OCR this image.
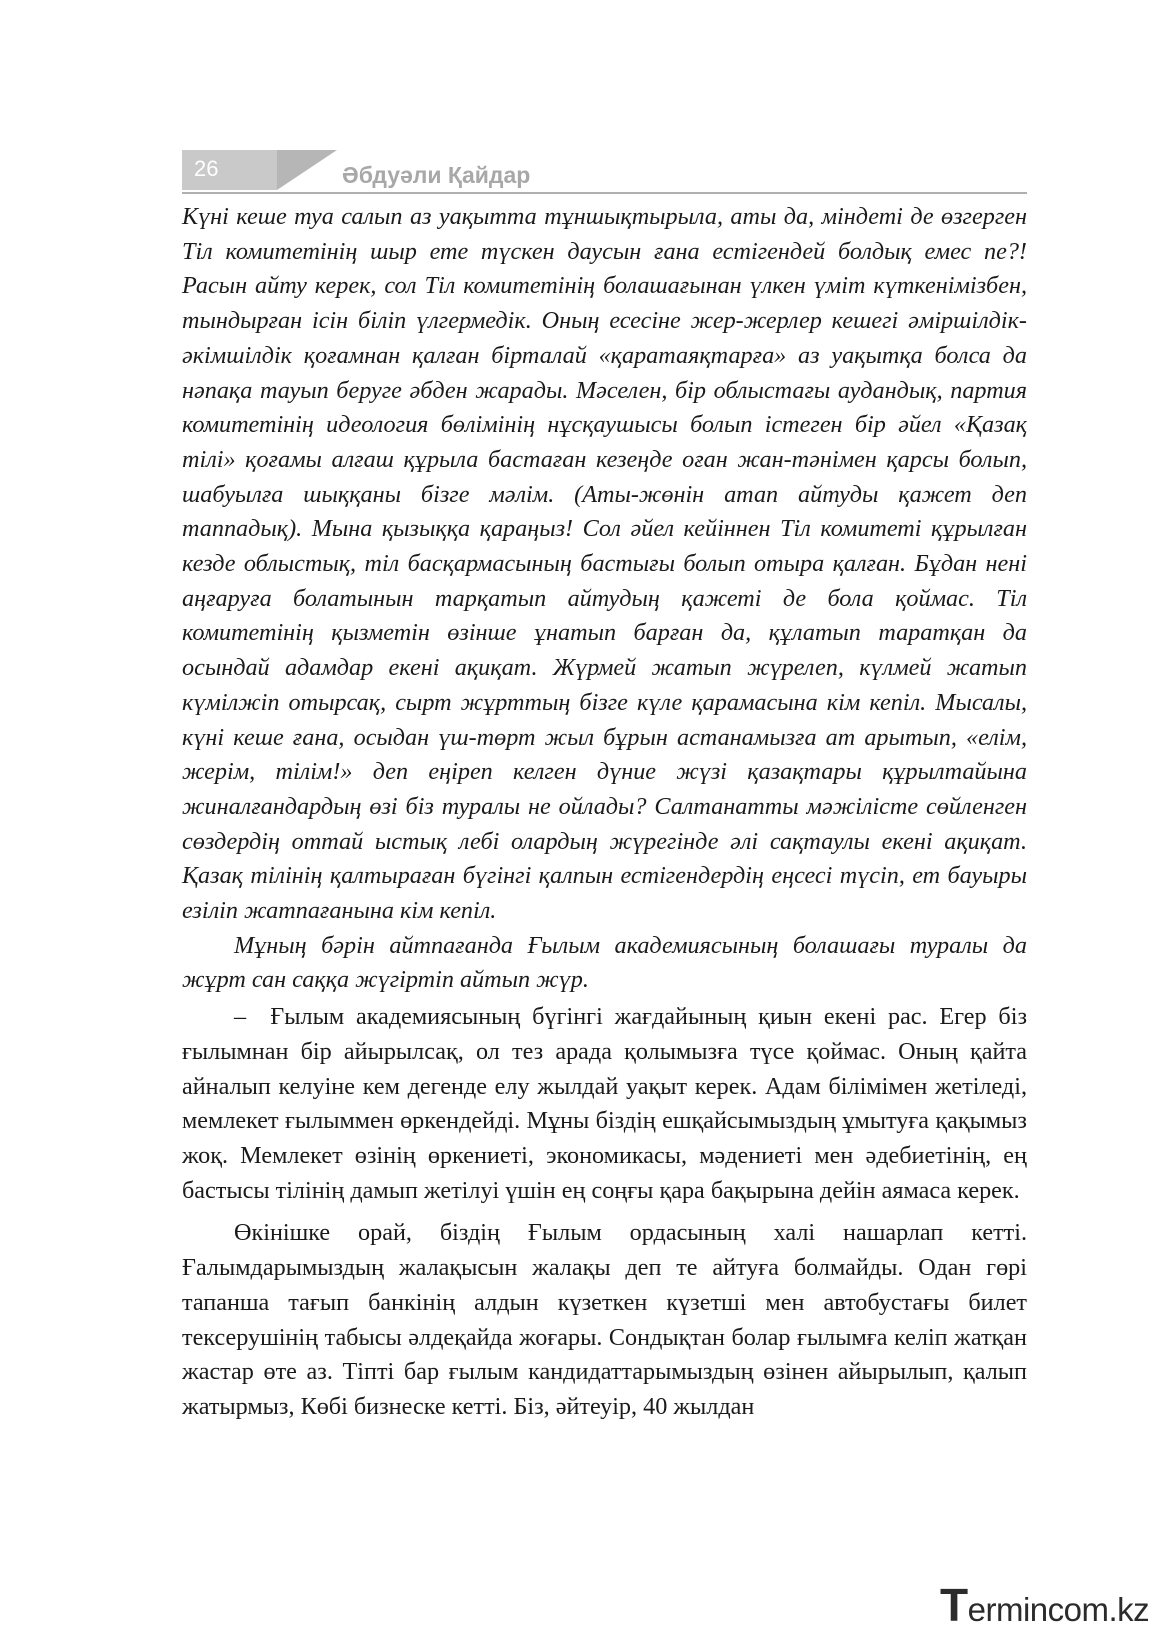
26	Әбдуәли Қайдар

Күні кеше туа салып аз уақытта тұншықтырыла, аты да, міндеті де өзгерген Тіл комитетінің шыр ете түскен даусын ғана естігендей болдық емес пе?! Расын айту керек, сол Тіл комитетінің болашағынан үлкен үміт күткенімізбен, тындырған ісін біліп үлгермедік. Оның есесіне жер-жерлер кешегі әміршілдік-әкімшілдік қоғамнан қалған бірталай «қаратаяқтарға» аз уақытқа болса да нәпақа тауып беруге әбден жарады. Мәселен, бір облыстағы аудандық, партия комитетінің идеология бөлімінің нұсқаушысы болып істеген бір әйел «Қазақ тілі» қоғамы алғаш құрыла бастаған кезеңде оған жан-тәнімен қарсы болып, шабуылға шыққаны бізге мәлім. (Аты-жөнін атап айтуды қажет деп таппадық). Мына қызыққа қараңыз! Сол әйел кейіннен Тіл комитеті құрылған кезде облыстық, тіл басқармасының бастығы болып отыра қалған. Бұдан нені аңғаруға болатынын тарқатып айтудың қажеті де бола қоймас. Тіл комитетінің қызметін өзінше ұнатып барған да, құлатып таратқан да осындай адамдар екені ақиқат. Жүрмей жатып жүрелеп, күлмей жатып күмілжіп отырсақ, сырт жұрттың бізге күле қарамасына кім кепіл. Мысалы, күні кеше ғана, осыдан үш-төрт жыл бұрын астанамызға ат арытып, «елім, жерім, тілім!» деп еңіреп келген дүние жүзі қазақтары құрылтайына жиналғандардың өзі біз туралы не ойлады? Салтанатты мәжілісте сөйленген сөздердің оттай ыстық лебі олардың жүрегінде әлі сақтаулы екені ақиқат. Қазақ тілінің қалтыраған бүгінгі қалпын естігендердің еңсесі түсіп, ет бауыры езіліп жатпағанына кім кепіл.

Мұның бәрін айтпағанда Ғылым академиясының болашағы туралы да жұрт сан саққа жүгіртіп айтып жүр.

– Ғылым академиясының бүгінгі жағдайының қиын екені рас. Егер біз ғылымнан бір айырылсақ, ол тез арада қолымызға түсе қоймас. Оның қайта айналып келуіне кем дегенде елу жылдай уақыт керек. Адам білімімен жетіледі, мемлекет ғылыммен өркендейді. Мұны біздің ешқайсымыздың ұмытуға қақымыз жоқ. Мемлекет өзінің өркениеті, экономикасы, мәдениеті мен әдебиетінің, ең бастысы тілінің дамып жетілуі үшін ең соңғы қара бақырына дейін аямаса керек.

Өкінішке орай, біздің Ғылым ордасының халі нашарлап кетті. Ғалымдарымыздың жалақысын жалақы деп те айтуға болмайды. Одан гөрі тапанша тағып банкінің алдын күзеткен күзетші мен автобустағы билет тексерушінің табысы әлдеқайда жоғары. Сондықтан болар ғылымға келіп жатқан жастар өте аз. Тіпті бар ғылым кандидаттарымыздың өзінен айырылып, қалып жатырмыз, Көбі бизнеске кетті. Біз, әйтеуір, 40 жылдан

Termincom.kz
